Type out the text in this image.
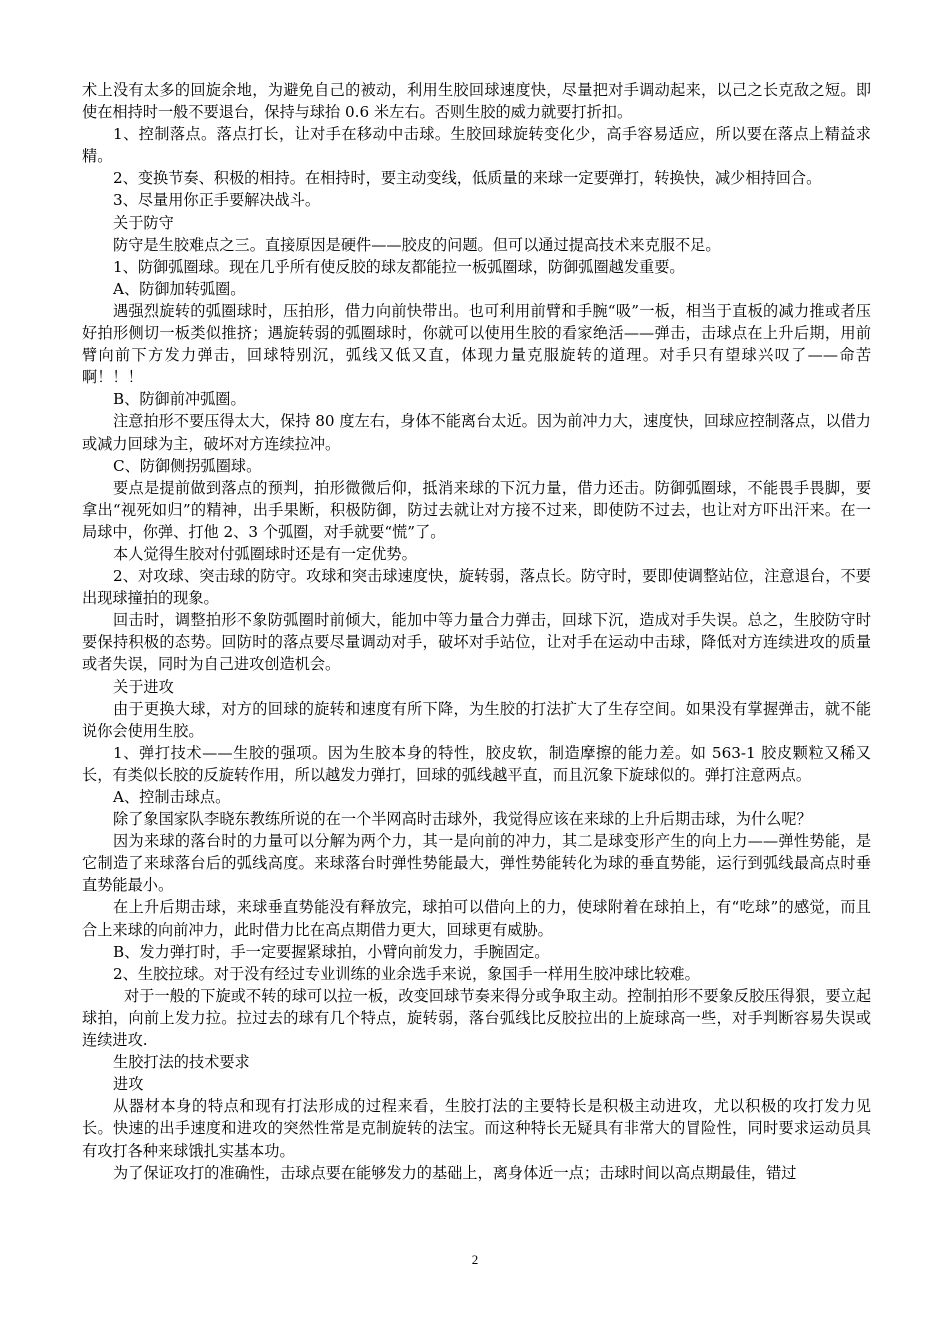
术上没有太多的回旋余地，为避免自己的被动，利用生胶回球速度快，尽量把对手调动起来，以己之长克敌之短。即使在相持时一般不要退台，保持与球抬 0.6 米左右。否则生胶的威力就要打折扣。

1、控制落点。落点打长，让对手在移动中击球。生胶回球旋转变化少，高手容易适应，所以要在落点上精益求精。

2、变换节奏、积极的相持。在相持时，要主动变线，低质量的来球一定要弹打，转换快，减少相持回合。

3、尽量用你正手要解决战斗。

关于防守

防守是生胶难点之三。直接原因是硬件——胶皮的问题。但可以通过提高技术来克服不足。

1、防御弧圈球。现在几乎所有使反胶的球友都能拉一板弧圈球，防御弧圈越发重要。

A、防御加转弧圈。

遇强烈旋转的弧圈球时，压拍形，借力向前快带出。也可利用前臂和手腕“吸”一板，相当于直板的减力推或者压好拍形侧切一板类似推挤；遇旋转弱的弧圈球时，你就可以使用生胶的看家绝活——弹击，击球点在上升后期，用前臂向前下方发力弹击，回球特别沉，弧线又低又直，体现力量克服旋转的道理。对手只有望球兴叹了——命苦啊！！！

B、防御前冲弧圈。

注意拍形不要压得太大，保持 80 度左右，身体不能离台太近。因为前冲力大，速度快，回球应控制落点，以借力或减力回球为主，破坏对方连续拉冲。

C、防御侧拐弧圈球。

要点是提前做到落点的预判，拍形微微后仰，抵消来球的下沉力量，借力还击。防御弧圈球，不能畏手畏脚，要拿出“视死如归”的精神，出手果断，积极防御，防过去就让对方接不过来，即使防不过去，也让对方吓出汗来。在一局球中，你弹、打他 2、3 个弧圈，对手就要“慌”了。

本人觉得生胶对付弧圈球时还是有一定优势。

2、对攻球、突击球的防守。攻球和突击球速度快，旋转弱，落点长。防守时，要即使调整站位，注意退台，不要出现球撞拍的现象。

回击时，调整拍形不象防弧圈时前倾大，能加中等力量合力弹击，回球下沉，造成对手失误。总之，生胶防守时要保持积极的态势。回防时的落点要尽量调动对手，破坏对手站位，让对手在运动中击球，降低对方连续进攻的质量或者失误，同时为自己进攻创造机会。

关于进攻

由于更换大球，对方的回球的旋转和速度有所下降，为生胶的打法扩大了生存空间。如果没有掌握弹击，就不能说你会使用生胶。

1、弹打技术——生胶的强项。因为生胶本身的特性，胶皮软，制造摩擦的能力差。如 563-1 胶皮颗粒又稀又长，有类似长胶的反旋转作用，所以越发力弹打，回球的弧线越平直，而且沉象下旋球似的。弹打注意两点。

A、控制击球点。

除了象国家队李晓东教练所说的在一个半网高时击球外，我觉得应该在来球的上升后期击球，为什么呢？

因为来球的落台时的力量可以分解为两个力，其一是向前的冲力，其二是球变形产生的向上力——弹性势能，是它制造了来球落台后的弧线高度。来球落台时弹性势能最大，弹性势能转化为球的垂直势能，运行到弧线最高点时垂直势能最小。

在上升后期击球，来球垂直势能没有释放完，球拍可以借向上的力，使球附着在球拍上，有“吃球”的感觉，而且合上来球的向前冲力，此时借力比在高点期借力更大，回球更有威胁。

B、发力弹打时，手一定要握紧球拍，小臂向前发力，手腕固定。

2、生胶拉球。对于没有经过专业训练的业余选手来说，象国手一样用生胶冲球比较难。

对于一般的下旋或不转的球可以拉一板，改变回球节奏来得分或争取主动。控制拍形不要象反胶压得狠，要立起球拍，向前上发力拉。拉过去的球有几个特点，旋转弱，落台弧线比反胶拉出的上旋球高一些，对手判断容易失误或连续进攻.

生胶打法的技术要求

进攻

从器材本身的特点和现有打法形成的过程来看，生胶打法的主要特长是积极主动进攻，尤以积极的攻打发力见长。快速的出手速度和进攻的突然性常是克制旋转的法宝。而这种特长无疑具有非常大的冒险性，同时要求运动员具有攻打各种来球饿扎实基本功。

为了保证攻打的准确性，击球点要在能够发力的基础上，离身体近一点；击球时间以高点期最佳，错过

2
